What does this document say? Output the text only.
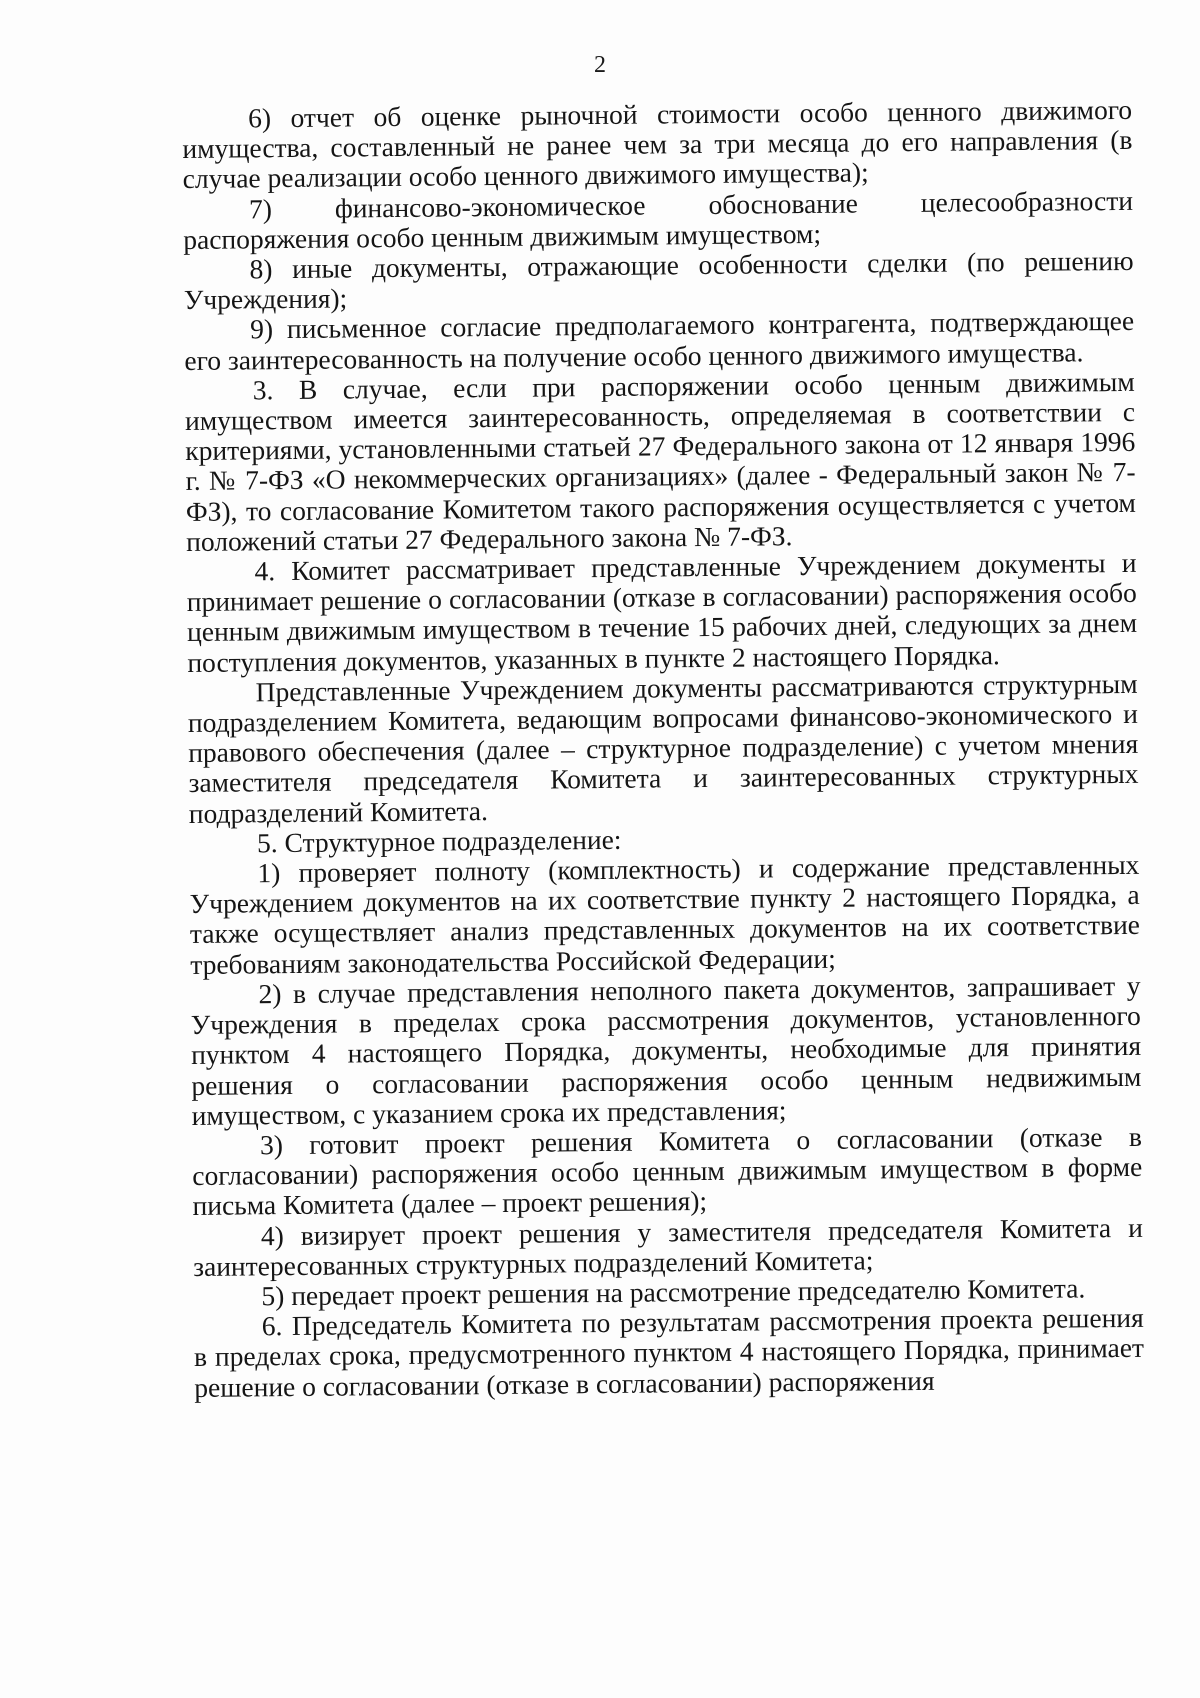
2

6) отчет об оценке рыночной стоимости особо ценного движимого имущества, составленный не ранее чем за три месяца до его направления (в случае реализации особо ценного движимого имущества);

7) финансово-экономическое обоснование целесообразности распоряжения особо ценным движимым имуществом;

8) иные документы, отражающие особенности сделки (по решению Учреждения);

9) письменное согласие предполагаемого контрагента, подтверждающее его заинтересованность на получение особо ценного движимого имущества.

3. В случае, если при распоряжении особо ценным движимым имуществом имеется заинтересованность, определяемая в соответствии с критериями, установленными статьей 27 Федерального закона от 12 января 1996 г. № 7-ФЗ «О некоммерческих организациях» (далее - Федеральный закон № 7-ФЗ), то согласование Комитетом такого распоряжения осуществляется с учетом положений статьи 27 Федерального закона № 7-ФЗ.

4. Комитет рассматривает представленные Учреждением документы и принимает решение о согласовании (отказе в согласовании) распоряжения особо ценным движимым имуществом в течение 15 рабочих дней, следующих за днем поступления документов, указанных в пункте 2 настоящего Порядка.

Представленные Учреждением документы рассматриваются структурным подразделением Комитета, ведающим вопросами финансово-экономического и правового обеспечения (далее – структурное подразделение) с учетом мнения заместителя председателя Комитета и заинтересованных структурных подразделений Комитета.

5. Структурное подразделение:

1) проверяет полноту (комплектность) и содержание представленных Учреждением документов на их соответствие пункту 2 настоящего Порядка, а также осуществляет анализ представленных документов на их соответствие требованиям законодательства Российской Федерации;

2) в случае представления неполного пакета документов, запрашивает у Учреждения в пределах срока рассмотрения документов, установленного пунктом 4 настоящего Порядка, документы, необходимые для принятия решения о согласовании распоряжения особо ценным недвижимым имуществом, с указанием срока их представления;

3) готовит проект решения Комитета о согласовании (отказе в согласовании) распоряжения особо ценным движимым имуществом в форме письма Комитета (далее – проект решения);

4) визирует проект решения у заместителя председателя Комитета и заинтересованных структурных подразделений Комитета;

5) передает проект решения на рассмотрение председателю Комитета.

6. Председатель Комитета по результатам рассмотрения проекта решения в пределах срока, предусмотренного пунктом 4 настоящего Порядка, принимает решение о согласовании (отказе в согласовании) распоряжения
